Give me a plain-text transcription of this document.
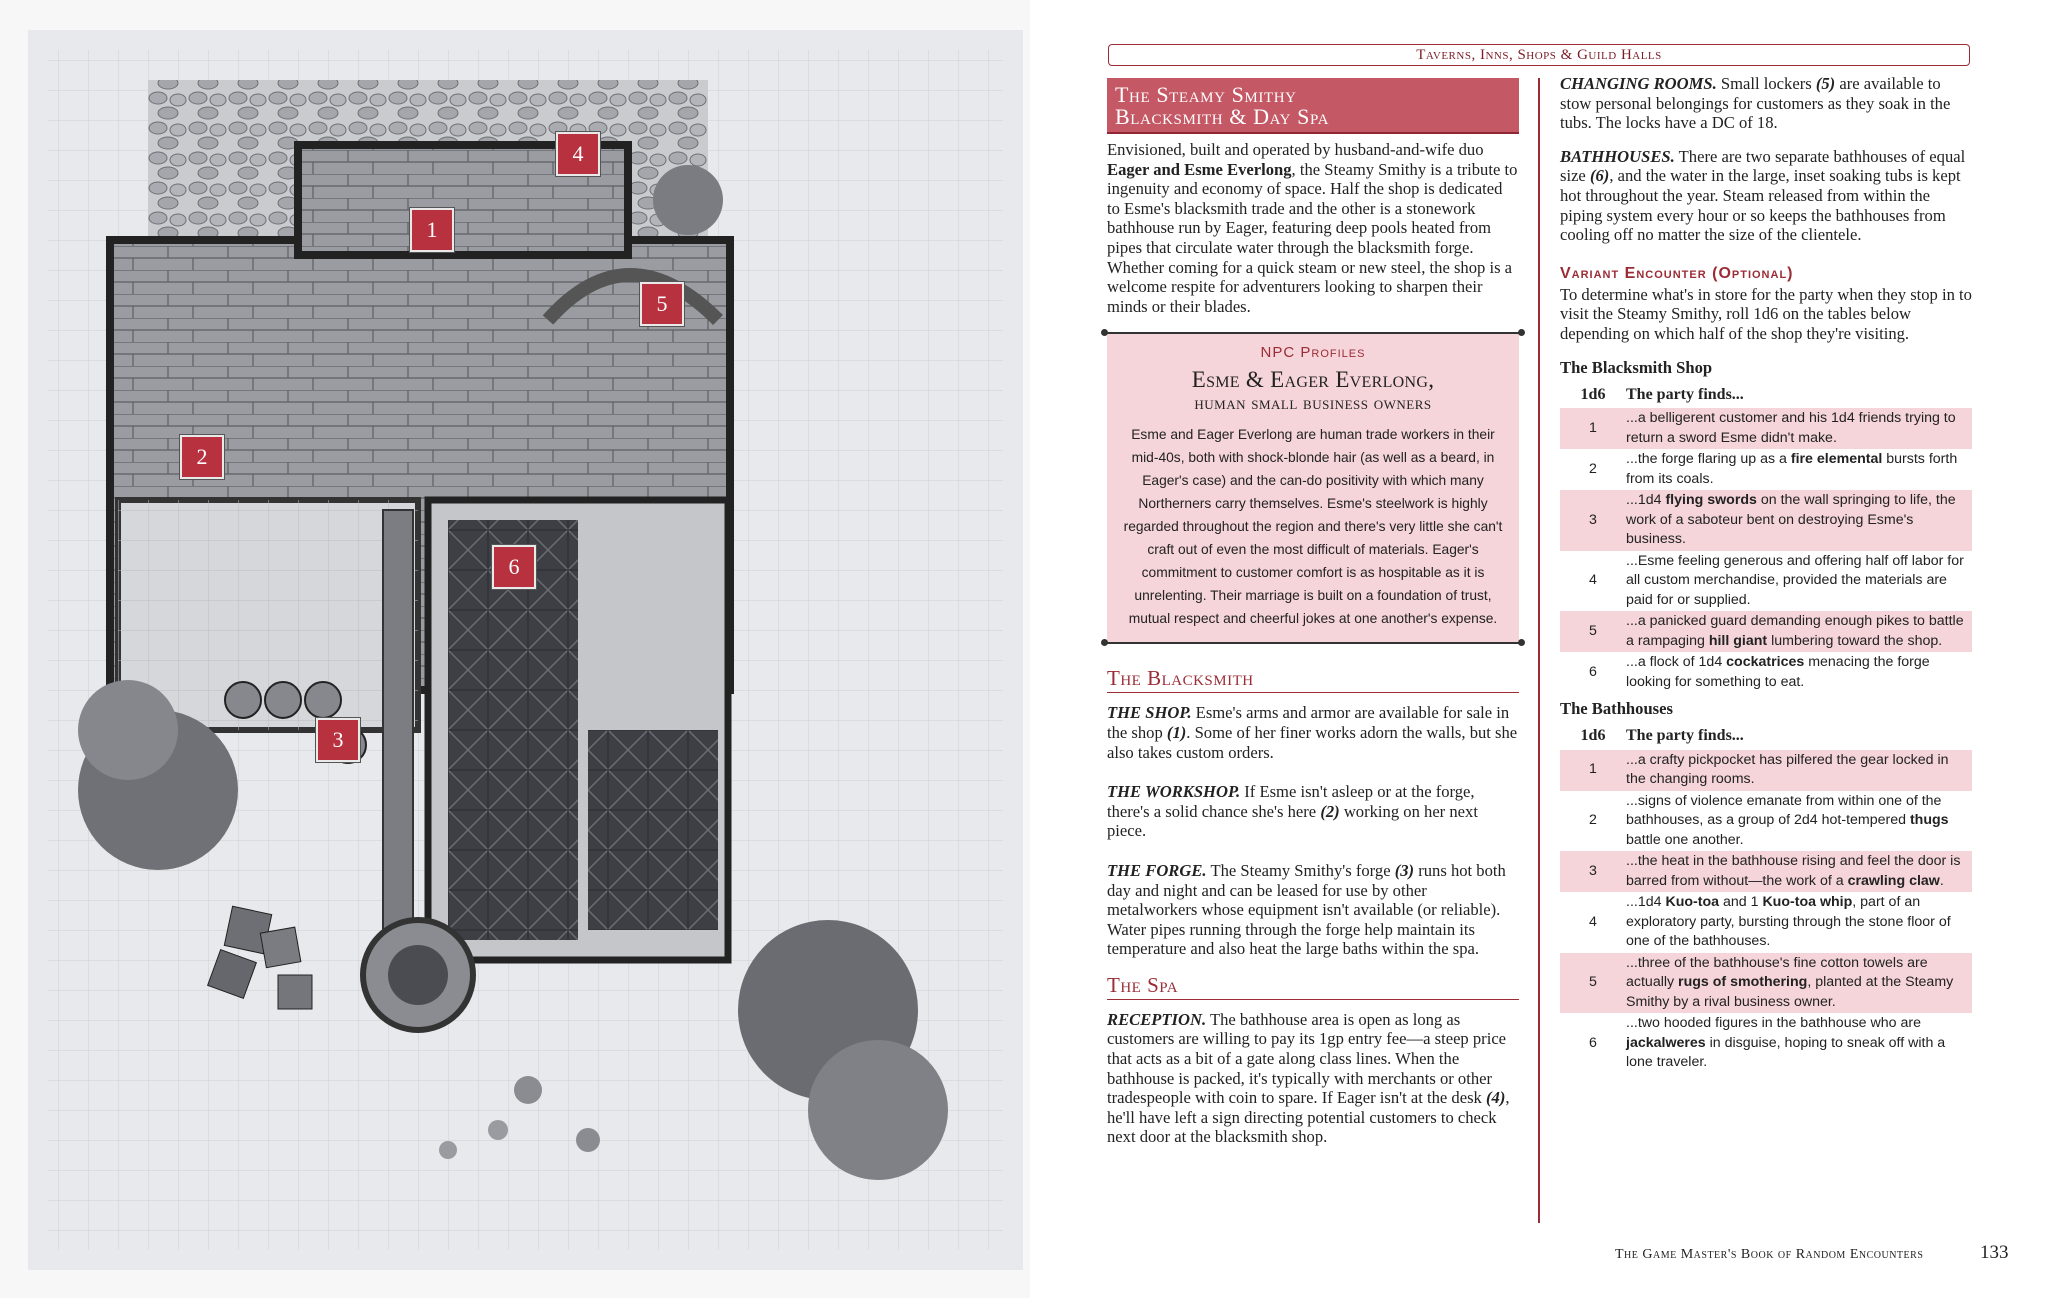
1
2
3
4
5
6
Taverns, Inns, Shops & Guild Halls
The Steamy Smithy
Blacksmith & Day Spa

Envisioned, built and operated by husband-and-wife duo Eager and Esme Everlong, the Steamy Smithy is a tribute to ingenuity and economy of space. Half the shop is dedicated to Esme's blacksmith trade and the other is a stonework bathhouse run by Eager, featuring deep pools heated from pipes that circulate water through the blacksmith forge. Whether coming for a quick steam or new steel, the shop is a welcome respite for adventurers looking to sharpen their minds or their blades.

NPC Profiles
Esme & Eager Everlong,
human small business owners
Esme and Eager Everlong are human trade workers in their mid-40s, both with shock-blonde hair (as well as a beard, in Eager's case) and the can-do positivity with which many Northerners carry themselves. Esme's steelwork is highly regarded throughout the region and there's very little she can't craft out of even the most difficult of materials. Eager's commitment to customer comfort is as hospitable as it is unrelenting. Their marriage is built on a foundation of trust, mutual respect and cheerful jokes at one another's expense.
The Blacksmith

THE SHOP. Esme's arms and armor are available for sale in the shop (1). Some of her finer works adorn the walls, but she also takes custom orders.

THE WORKSHOP. If Esme isn't asleep or at the forge, there's a solid chance she's here (2) working on her next piece.

THE FORGE. The Steamy Smithy's forge (3) runs hot both day and night and can be leased for use by other metalworkers whose equipment isn't available (or reliable). Water pipes running through the forge help maintain its temperature and also heat the large baths within the spa.

The Spa

RECEPTION. The bathhouse area is open as long as customers are willing to pay its 1gp entry fee—a steep price that acts as a bit of a gate along class lines. When the bathhouse is packed, it's typically with merchants or other tradespeople with coin to spare. If Eager isn't at the desk (4), he'll have left a sign directing potential customers to check next door at the blacksmith shop.

CHANGING ROOMS. Small lockers (5) are available to stow personal belongings for customers as they soak in the tubs. The locks have a DC of 18.

BATHHOUSES. There are two separate bathhouses of equal size (6), and the water in the large, inset soaking tubs is kept hot throughout the year. Steam released from within the piping system every hour or so keeps the bathhouses from cooling off no matter the size of the clientele.

Variant Encounter (Optional)

To determine what's in store for the party when they stop in to visit the Steamy Smithy, roll 1d6 on the tables below depending on which half of the shop they're visiting.

The Blacksmith Shop
1d6	The party finds...
1	...a belligerent customer and his 1d4 friends trying to return a sword Esme didn't make.
2	...the forge flaring up as a fire elemental bursts forth from its coals.
3	...1d4 flying swords on the wall springing to life, the work of a saboteur bent on destroying Esme's business.
4	...Esme feeling generous and offering half off labor for all custom merchandise, provided the materials are paid for or supplied.
5	...a panicked guard demanding enough pikes to battle a rampaging hill giant lumbering toward the shop.
6	...a flock of 1d4 cockatrices menacing the forge looking for something to eat.
The Bathhouses
1d6	The party finds...
1	...a crafty pickpocket has pilfered the gear locked in the changing rooms.
2	...signs of violence emanate from within one of the bathhouses, as a group of 2d4 hot-tempered thugs battle one another.
3	...the heat in the bathhouse rising and feel the door is barred from without—the work of a crawling claw.
4	...1d4 Kuo-toa and 1 Kuo-toa whip, part of an exploratory party, bursting through the stone floor of one of the bathhouses.
5	...three of the bathhouse's fine cotton towels are actually rugs of smothering, planted at the Steamy Smithy by a rival business owner.
6	...two hooded figures in the bathhouse who are jackalweres in disguise, hoping to sneak off with a lone traveler.
The Game Master's Book of Random Encounters	133
